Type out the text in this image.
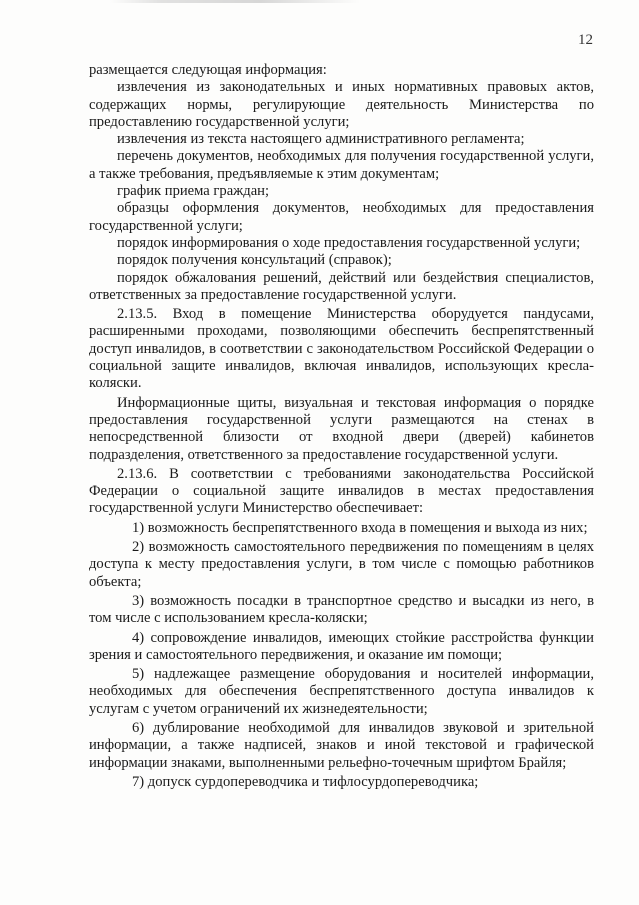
12

размещается следующая информация:

извлечения из законодательных и иных нормативных правовых актов, содержащих нормы, регулирующие деятельность Министерства по предоставлению государственной услуги;

извлечения из текста настоящего административного регламента;

перечень документов, необходимых для получения государственной услуги, а также требования, предъявляемые к этим документам;

график приема граждан;

образцы оформления документов, необходимых для предоставления государственной услуги;

порядок информирования о ходе предоставления государственной услуги;

порядок получения консультаций (справок);

порядок обжалования решений, действий или бездействия специалистов, ответственных за предоставление государственной услуги.

2.13.5. Вход в помещение Министерства оборудуется пандусами, расширенными проходами, позволяющими обеспечить беспрепятственный доступ инвалидов, в соответствии с законодательством Российской Федерации о социальной защите инвалидов, включая инвалидов, использующих кресла-коляски.

Информационные щиты, визуальная и текстовая информация о порядке предоставления государственной услуги размещаются на стенах в непосредственной близости от входной двери (дверей) кабинетов подразделения, ответственного за предоставление государственной услуги.

2.13.6. В соответствии с требованиями законодательства Российской Федерации о социальной защите инвалидов в местах предоставления государственной услуги Министерство обеспечивает:

1) возможность беспрепятственного входа в помещения и выхода из них;

2) возможность самостоятельного передвижения по помещениям в целях доступа к месту предоставления услуги, в том числе с помощью работников объекта;

3) возможность посадки в транспортное средство и высадки из него, в том числе с использованием кресла-коляски;

4) сопровождение инвалидов, имеющих стойкие расстройства функции зрения и самостоятельного передвижения, и оказание им помощи;

5) надлежащее размещение оборудования и носителей информации, необходимых для обеспечения беспрепятственного доступа инвалидов к услугам с учетом ограничений их жизнедеятельности;

6) дублирование необходимой для инвалидов звуковой и зрительной информации, а также надписей, знаков и иной текстовой и графической информации знаками, выполненными рельефно-точечным шрифтом Брайля;

7) допуск сурдопереводчика и тифлосурдопереводчика;
